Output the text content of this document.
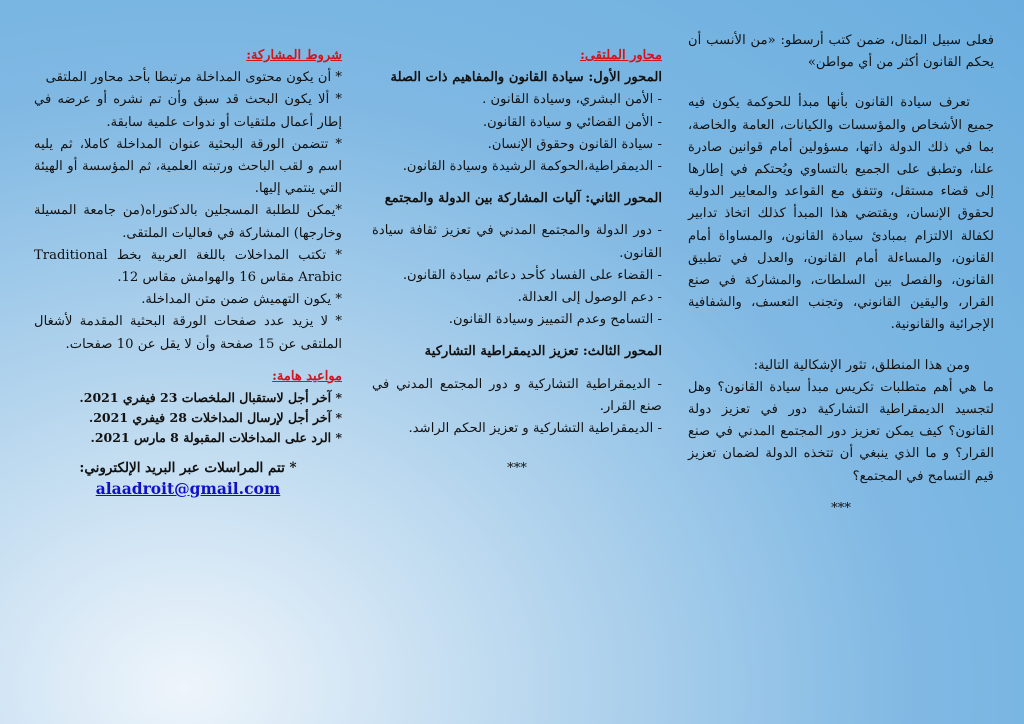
فعلى سبيل المثال، ضمن كتب أرسطو: «من الأنسب أن يحكم القانون أكثر من أي مواطن»

تعرف سيادة القانون بأنها مبدأ للحوكمة يكون فيه جميع الأشخاص والمؤسسات والكيانات، العامة والخاصة، بما في ذلك الدولة ذاتها، مسؤولين أمام قوانين صادرة علنا، وتطبق على الجميع بالتساوي ويُحتكم في إطارها إلى قضاء مستقل، وتتفق مع القواعد والمعايير الدولية لحقوق الإنسان، ويقتضي هذا المبدأ كذلك اتخاذ تدابير لكفالة الالتزام بمبادئ سيادة القانون، والمساواة أمام القانون، والمساءلة أمام القانون، والعدل في تطبيق القانون، والفصل بين السلطات، والمشاركة في صنع القرار، واليقين القانوني، وتجنب التعسف، والشفافية الإجرائية والقانونية.

ومن هذا المنطلق، تثور الإشكالية التالية:

ما هي أهم متطلبات تكريس مبدأ سيادة القانون؟ وهل لتجسيد الديمقراطية التشاركية دور في تعزيز دولة القانون؟ كيف يمكن تعزيز دور المجتمع المدني في صنع القرار؟ و ما الذي ينبغي أن تتخذه الدولة لضمان تعزيز قيم التسامح في المجتمع؟

***

محاور الملتقى:

المحور الأول: سيادة القانون والمفاهيم ذات الصلة

- الأمن البشري، وسيادة القانون .

- الأمن القضائي و سيادة القانون.

- سيادة القانون وحقوق الإنسان.

- الديمقراطية،الحوكمة الرشيدة وسيادة القانون.

المحور الثاني: آليات المشاركة بين الدولة والمجتمع

- دور الدولة والمجتمع المدني في تعزيز ثقافة سيادة القانون.

- القضاء على الفساد كأحد دعائم سيادة القانون.

- دعم الوصول إلى العدالة.

- التسامح وعدم التمييز وسيادة القانون.

المحور الثالث: تعزيز الديمقراطية التشاركية

- الديمقراطية التشاركية و دور المجتمع المدني في صنع القرار.

- الديمقراطية التشاركية و تعزيز الحكم الراشد.

***

شروط المشاركة:

* أن يكون محتوى المداخلة مرتبطا بأحد محاور الملتقى

* ألا يكون البحث قد سبق وأن تم نشره أو عرضه في إطار أعمال ملتقيات أو ندوات علمية سابقة.

* تتضمن الورقة البحثية عنوان المداخلة كاملا، ثم يليه اسم و لقب الباحث ورتبته العلمية، ثم المؤسسة أو الهيئة التي ينتمي إليها.

*يمكن للطلبة المسجلين بالدكتوراه(من جامعة المسيلة وخارجها) المشاركة في فعاليات الملتقى.

* تكتب المداخلات باللغة العربية بخط Traditional Arabic مقاس 16 والهوامش مقاس 12.

* يكون التهميش ضمن متن المداخلة.

* لا يزيد عدد صفحات الورقة البحثية المقدمة لأشغال الملتقى عن 15 صفحة وأن لا يقل عن 10 صفحات.

مواعيد هامة:

* آخر أجل لاستقبال الملخصات 23 فيفري 2021.

* آخر أجل لإرسال المداخلات 28 فيفري 2021.

* الرد على المداخلات المقبولة 8 مارس 2021.

* تتم المراسلات عبر البريد الإلكتروني:

alaadroit@gmail.com
